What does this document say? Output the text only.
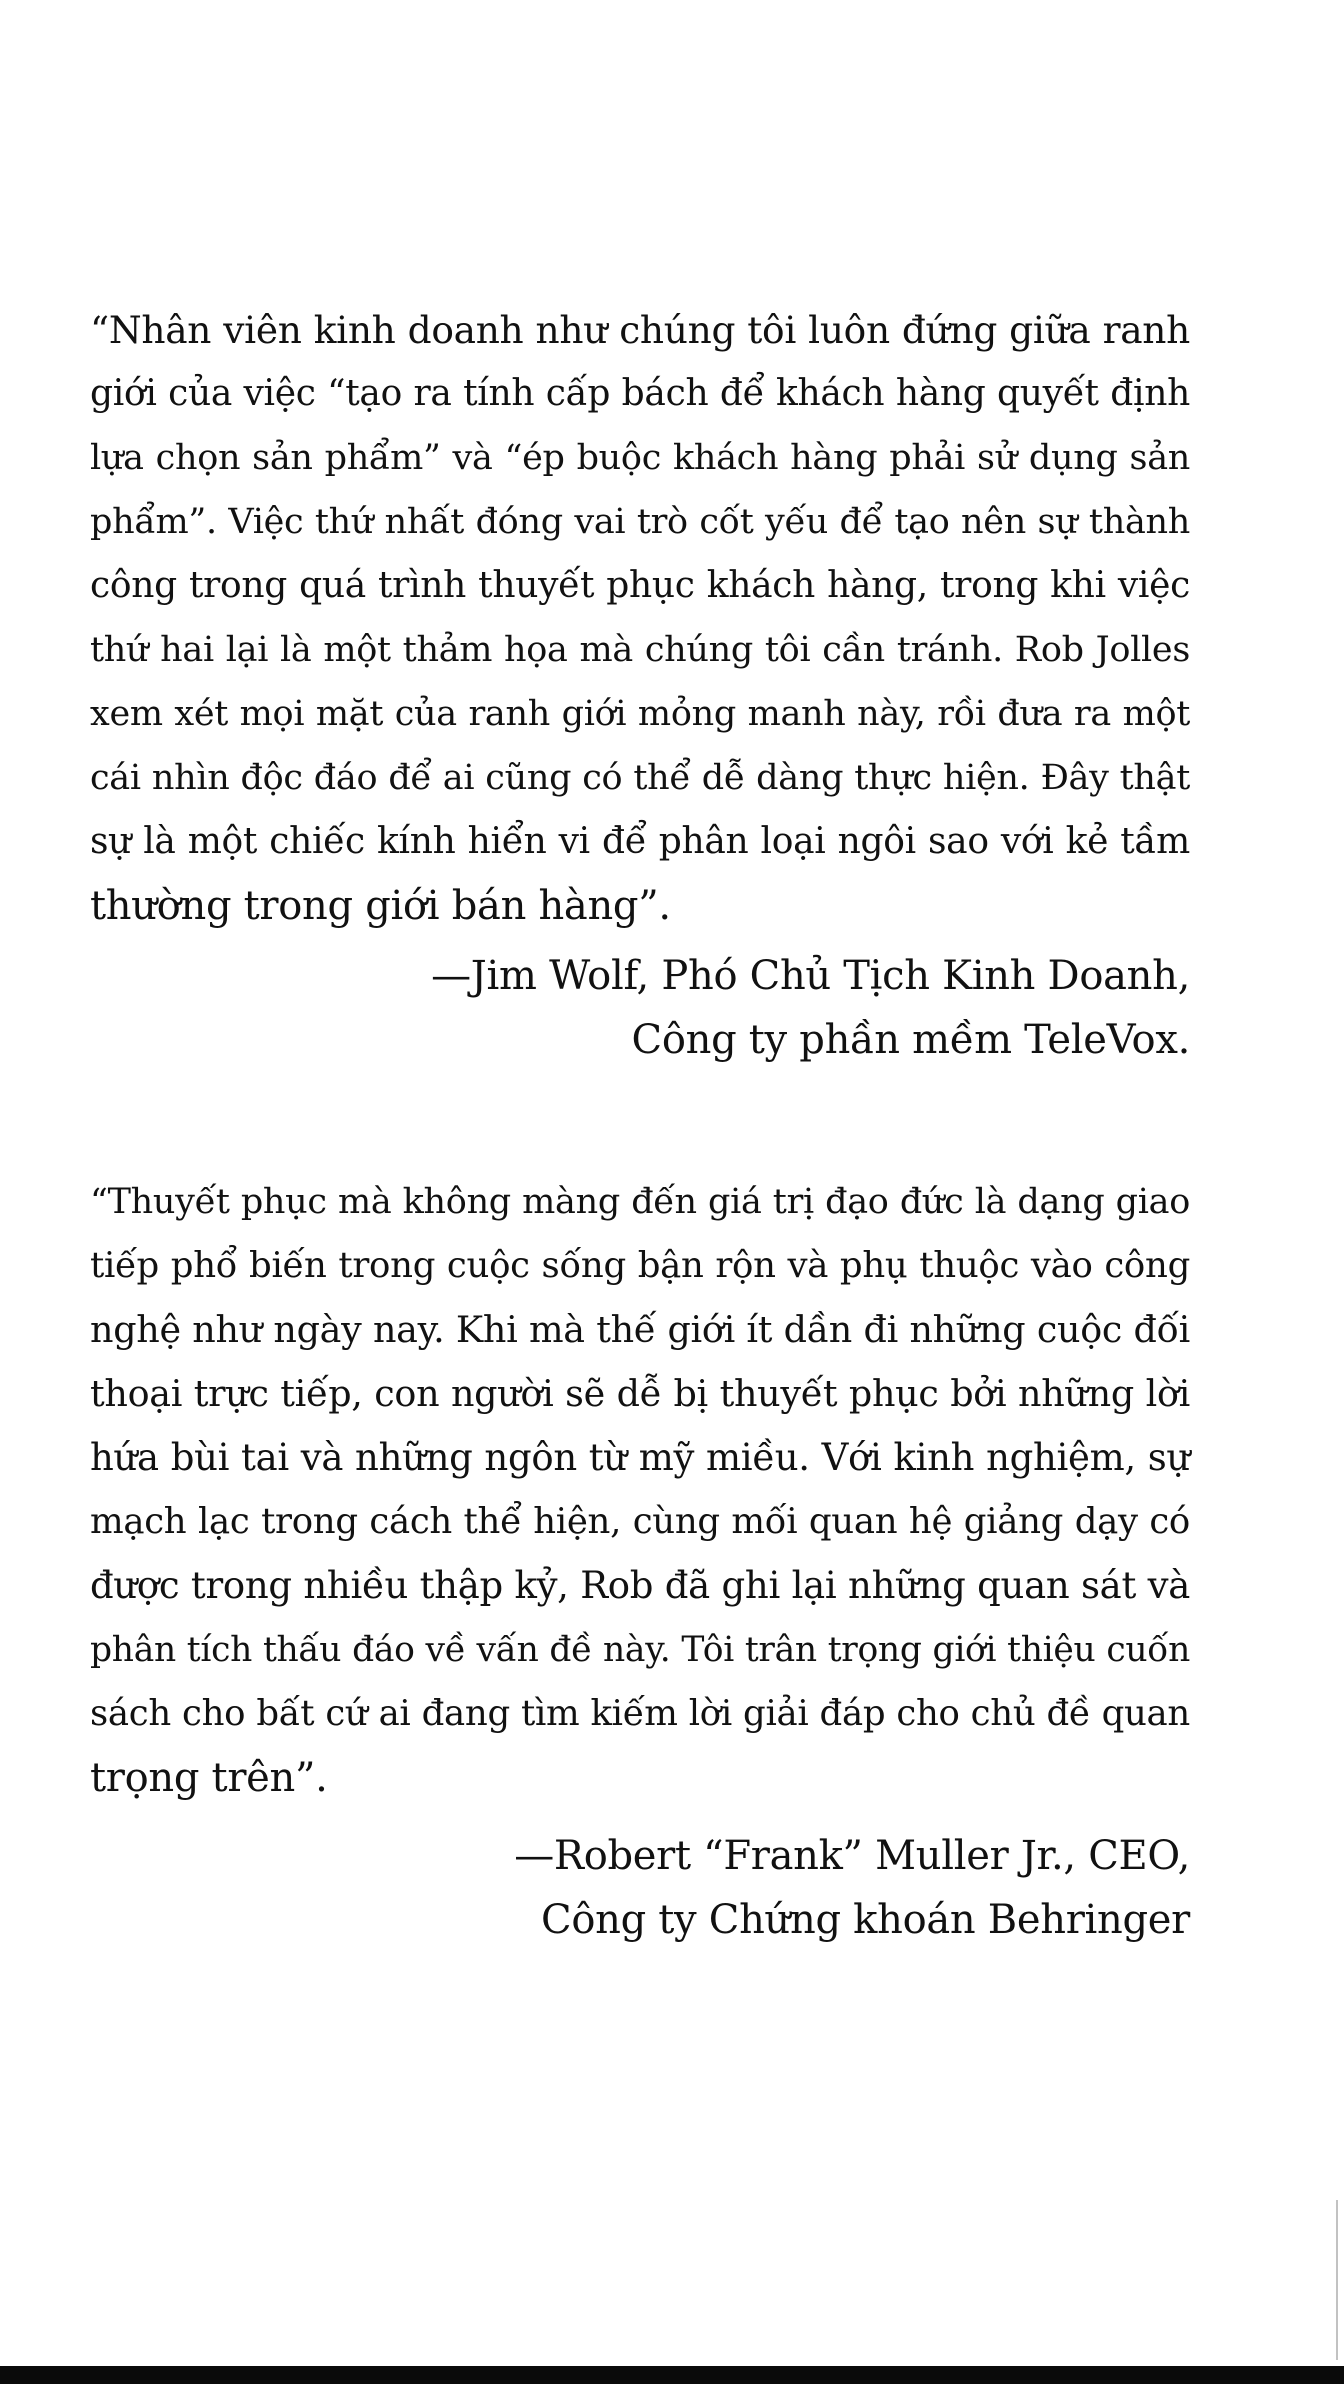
“Nhân viên kinh doanh như chúng tôi luôn đứng giữa ranh
giới của việc “tạo ra tính cấp bách để khách hàng quyết định
lựa chọn sản phẩm” và “ép buộc khách hàng phải sử dụng sản
phẩm”. Việc thứ nhất đóng vai trò cốt yếu để tạo nên sự thành
công trong quá trình thuyết phục khách hàng, trong khi việc
thứ hai lại là một thảm họa mà chúng tôi cần tránh. Rob Jolles
xem xét mọi mặt của ranh giới mỏng manh này, rồi đưa ra một
cái nhìn độc đáo để ai cũng có thể dễ dàng thực hiện. Đây thật
sự là một chiếc kính hiển vi để phân loại ngôi sao với kẻ tầm
thường trong giới bán hàng”.
—Jim Wolf, Phó Chủ Tịch Kinh Doanh,
Công ty phần mềm TeleVox.
“Thuyết phục mà không màng đến giá trị đạo đức là dạng giao
tiếp phổ biến trong cuộc sống bận rộn và phụ thuộc vào công
nghệ như ngày nay. Khi mà thế giới ít dần đi những cuộc đối
thoại trực tiếp, con người sẽ dễ bị thuyết phục bởi những lời
hứa bùi tai và những ngôn từ mỹ miều. Với kinh nghiệm, sự
mạch lạc trong cách thể hiện, cùng mối quan hệ giảng dạy có
được trong nhiều thập kỷ, Rob đã ghi lại những quan sát và
phân tích thấu đáo về vấn đề này. Tôi trân trọng giới thiệu cuốn
sách cho bất cứ ai đang tìm kiếm lời giải đáp cho chủ đề quan
trọng trên”.
—Robert “Frank” Muller Jr., CEO,
Công ty Chứng khoán Behringer
